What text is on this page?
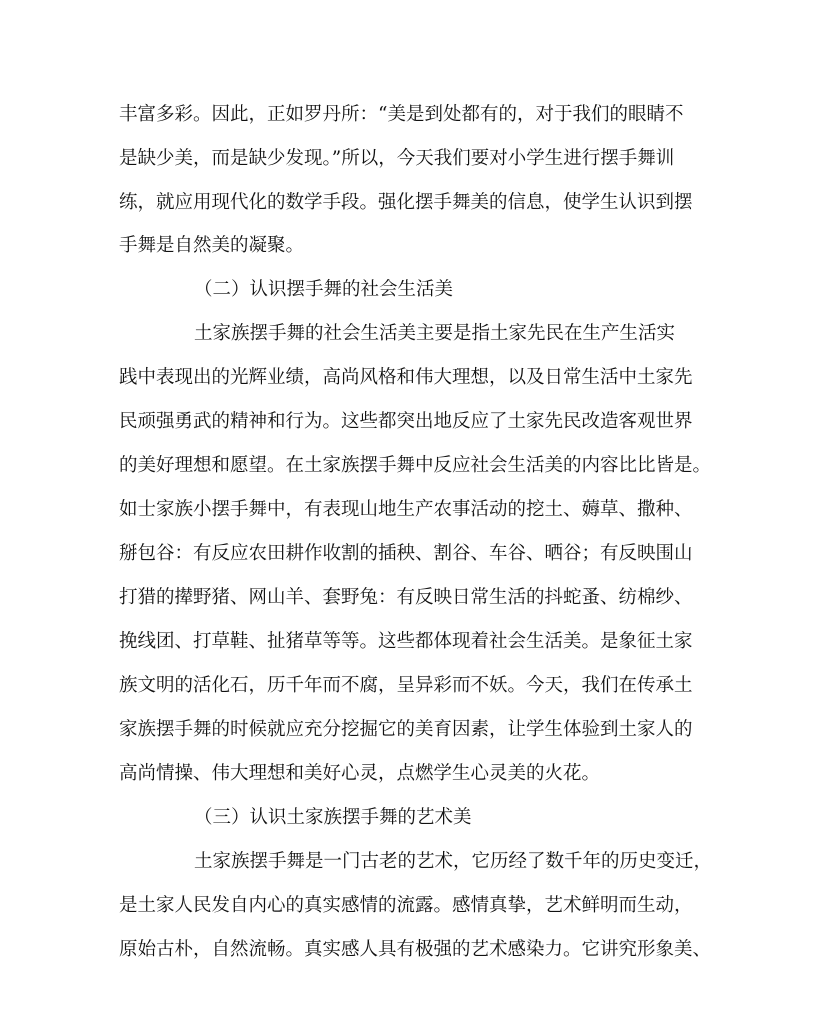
丰富多彩。因此，正如罗丹所：“美是到处都有的，对于我们的眼睛不
是缺少美，而是缺少发现。”所以，今天我们要对小学生进行摆手舞训
练，就应用现代化的数学手段。强化摆手舞美的信息，使学生认识到摆
手舞是自然美的凝聚。
（二）认识摆手舞的社会生活美
土家族摆手舞的社会生活美主要是指土家先民在生产生活实
践中表现出的光辉业绩，高尚风格和伟大理想，以及日常生活中土家先
民顽强勇武的精神和行为。这些都突出地反应了土家先民改造客观世界
的美好理想和愿望。在土家族摆手舞中反应社会生活美的内容比比皆是。
如士家族小摆手舞中，有表现山地生产农事活动的挖土、薅草、撒种、
掰包谷：有反应农田耕作收割的插秧、割谷、车谷、晒谷；有反映围山
打猎的撵野猪、网山羊、套野兔：有反映日常生活的抖蛇蚤、纺棉纱、
挽线团、打草鞋、扯猪草等等。这些都体现着社会生活美。是象征土家
族文明的活化石，历千年而不腐，呈异彩而不妖。今天，我们在传承土
家族摆手舞的时候就应充分挖掘它的美育因素，让学生体验到土家人的
高尚情操、伟大理想和美好心灵，点燃学生心灵美的火花。
（三）认识土家族摆手舞的艺术美
土家族摆手舞是一门古老的艺术，它历经了数千年的历史变迁，
是土家人民发自内心的真实感情的流露。感情真挚，艺术鲜明而生动，
原始古朴，自然流畅。真实感人具有极强的艺术感染力。它讲究形象美、
